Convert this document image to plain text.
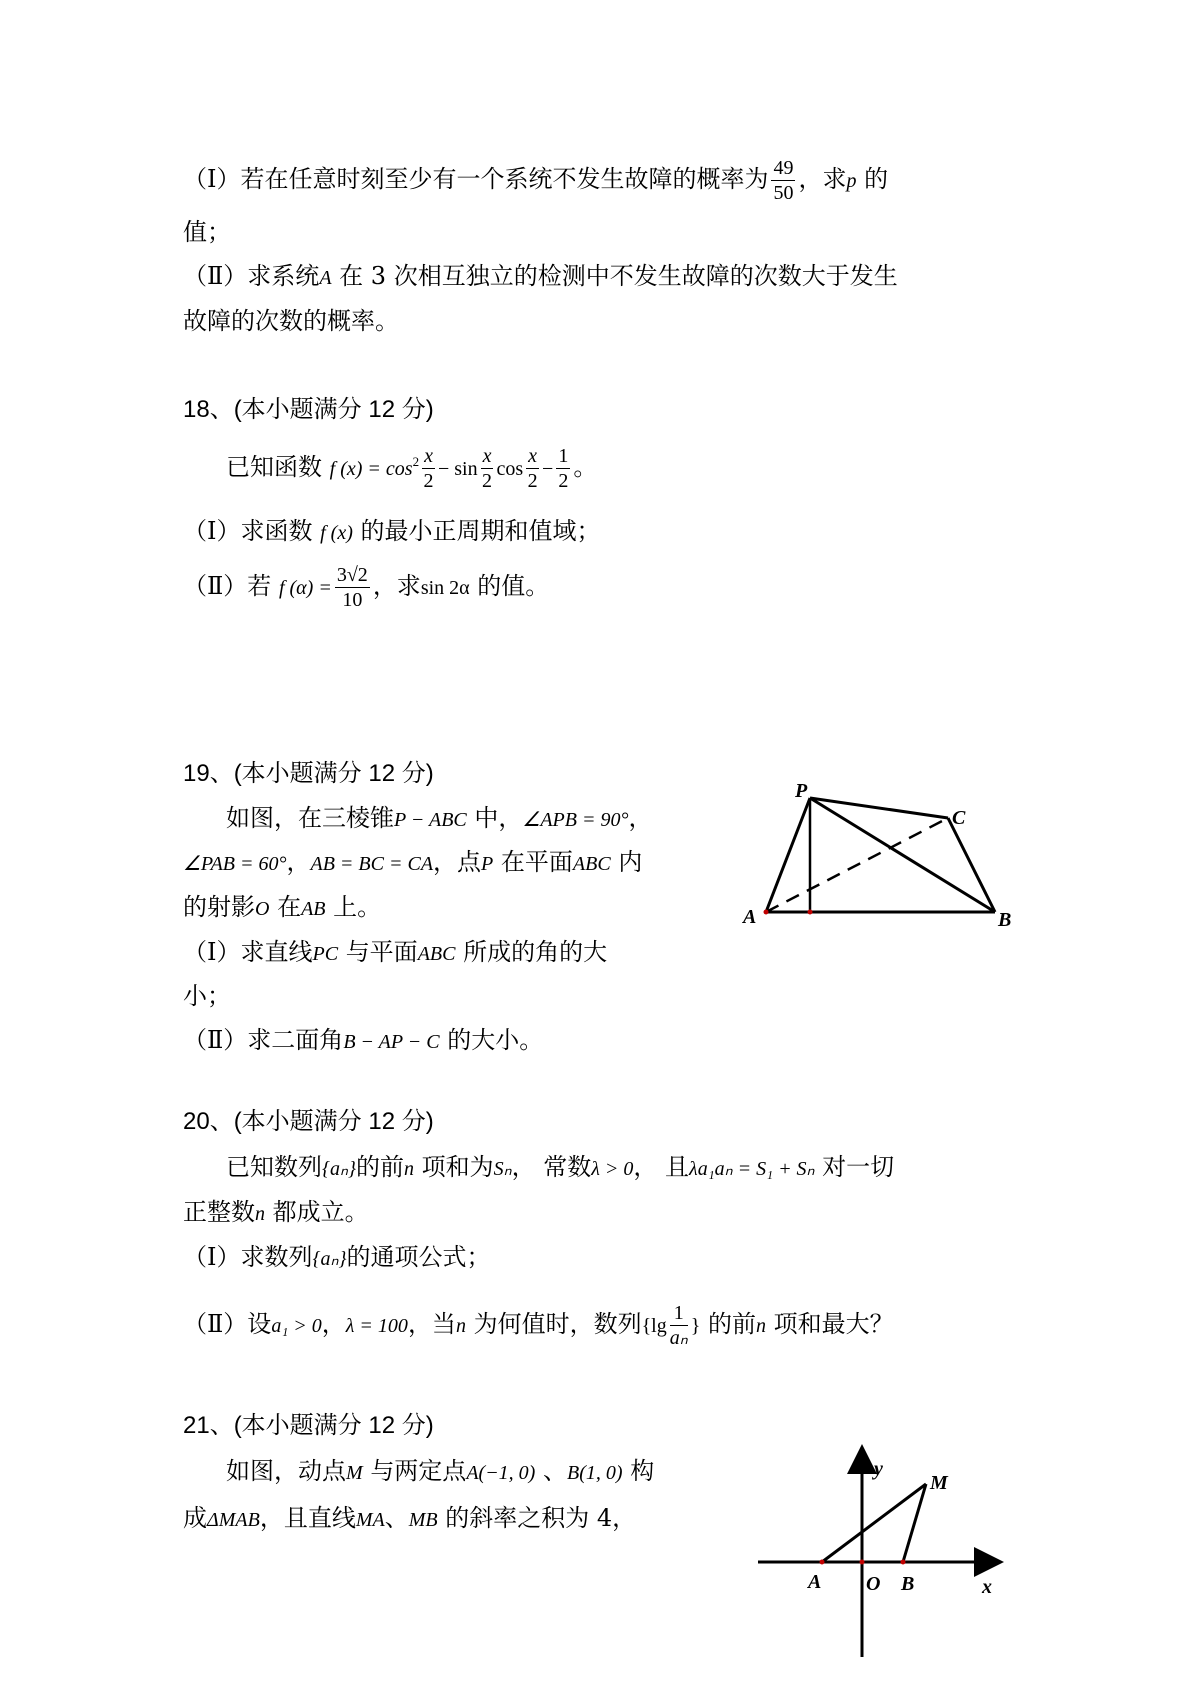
（Ⅰ）若在任意时刻至少有一个系统不发生故障的概率为 $\frac{49}{50}$ ，求p 的
值；
（Ⅱ）求系统A 在 3 次相互独立的检测中不发生故障的次数大于发生
故障的次数的概率。
18、(本小题满分 12 分)
已知函数 f $(x) = \cos^2 \frac{x}{2} - \sin \frac{x}{2}$ $\cos \frac{x}{2} - \frac{1}{2}$ 。
（Ⅰ）求函数 f (x) 的最小正周期和值域；
（Ⅱ）若 f $(\alpha) = \frac{3√2}{10}$ ，求sin 2α 的值。
19、(本小题满分 12 分)
如图，在三棱锥P − ABC 中，∠APB = 90°，
∠PAB = 60°，AB = BC = CA，点P 在平面ABC 内
的射影O 在AB 上。
（Ⅰ）求直线PC 与平面ABC 所成的角的大
小；
（Ⅱ）求二面角B − AP − C 的大小。
P
C
A	B
20、(本小题满分 12 分)
已知数列{aₙ}的前n 项和为Sₙ， 常数λ > 0， 且λa₁aₙ = S₁ + Sₙ 对一切
正整数n 都成立。
（Ⅰ）求数列{aₙ}的通项公式；
（Ⅱ）设a₁ > 0，λ = 100，当n 为何值时，数列{$\lg \frac{1}{\text{aₙ}}$ } 的前n 项和最大？
21、(本小题满分 12 分)
如图，动点M 与两定点A(−1, 0) 、B(1, 0) 构
成ΔMAB，且直线MA、MB 的斜率之积为 4，
y
M
A O B	x
